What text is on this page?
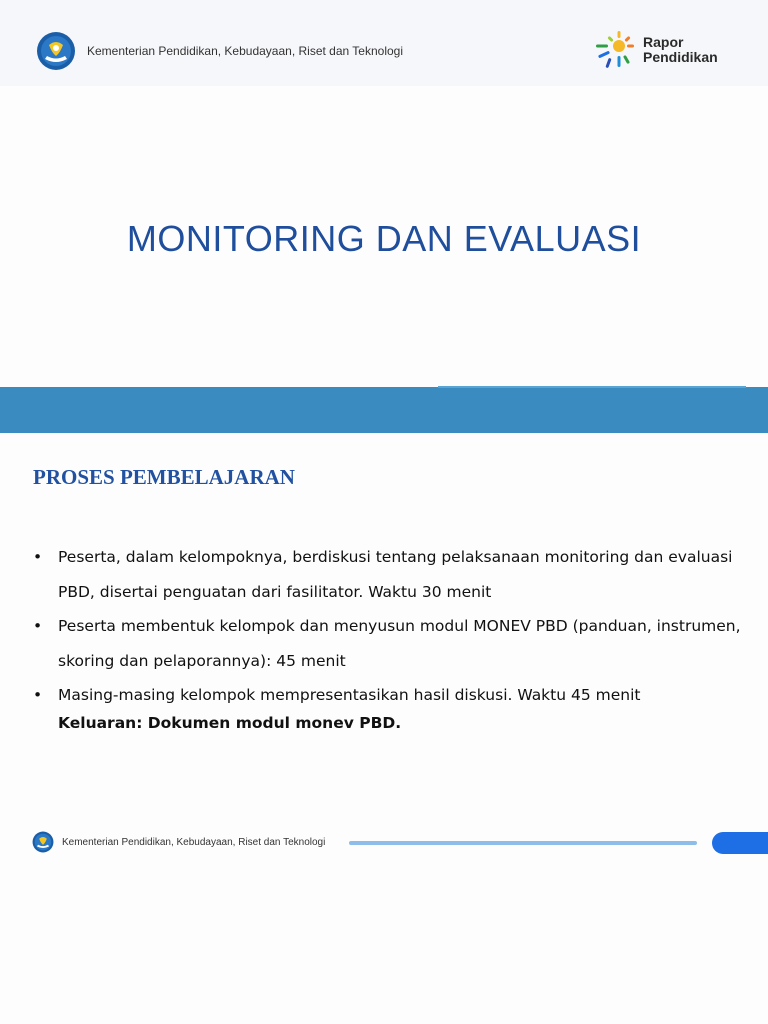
Kementerian Pendidikan, Kebudayaan, Riset dan Teknologi
Rapor
Pendidikan
MONITORING DAN EVALUASI
PROSES PEMBELAJARAN
• Peserta, dalam kelompoknya, berdiskusi tentang pelaksanaan monitoring dan evaluasi PBD, disertai penguatan dari fasilitator. Waktu 30 menit
• Peserta membentuk kelompok dan menyusun modul MONEV PBD (panduan, instrumen, skoring dan pelaporannya): 45 menit
• Masing-masing kelompok mempresentasikan hasil diskusi. Waktu 45 menit
Keluaran: Dokumen modul monev PBD.
Kementerian Pendidikan, Kebudayaan, Riset dan Teknologi
